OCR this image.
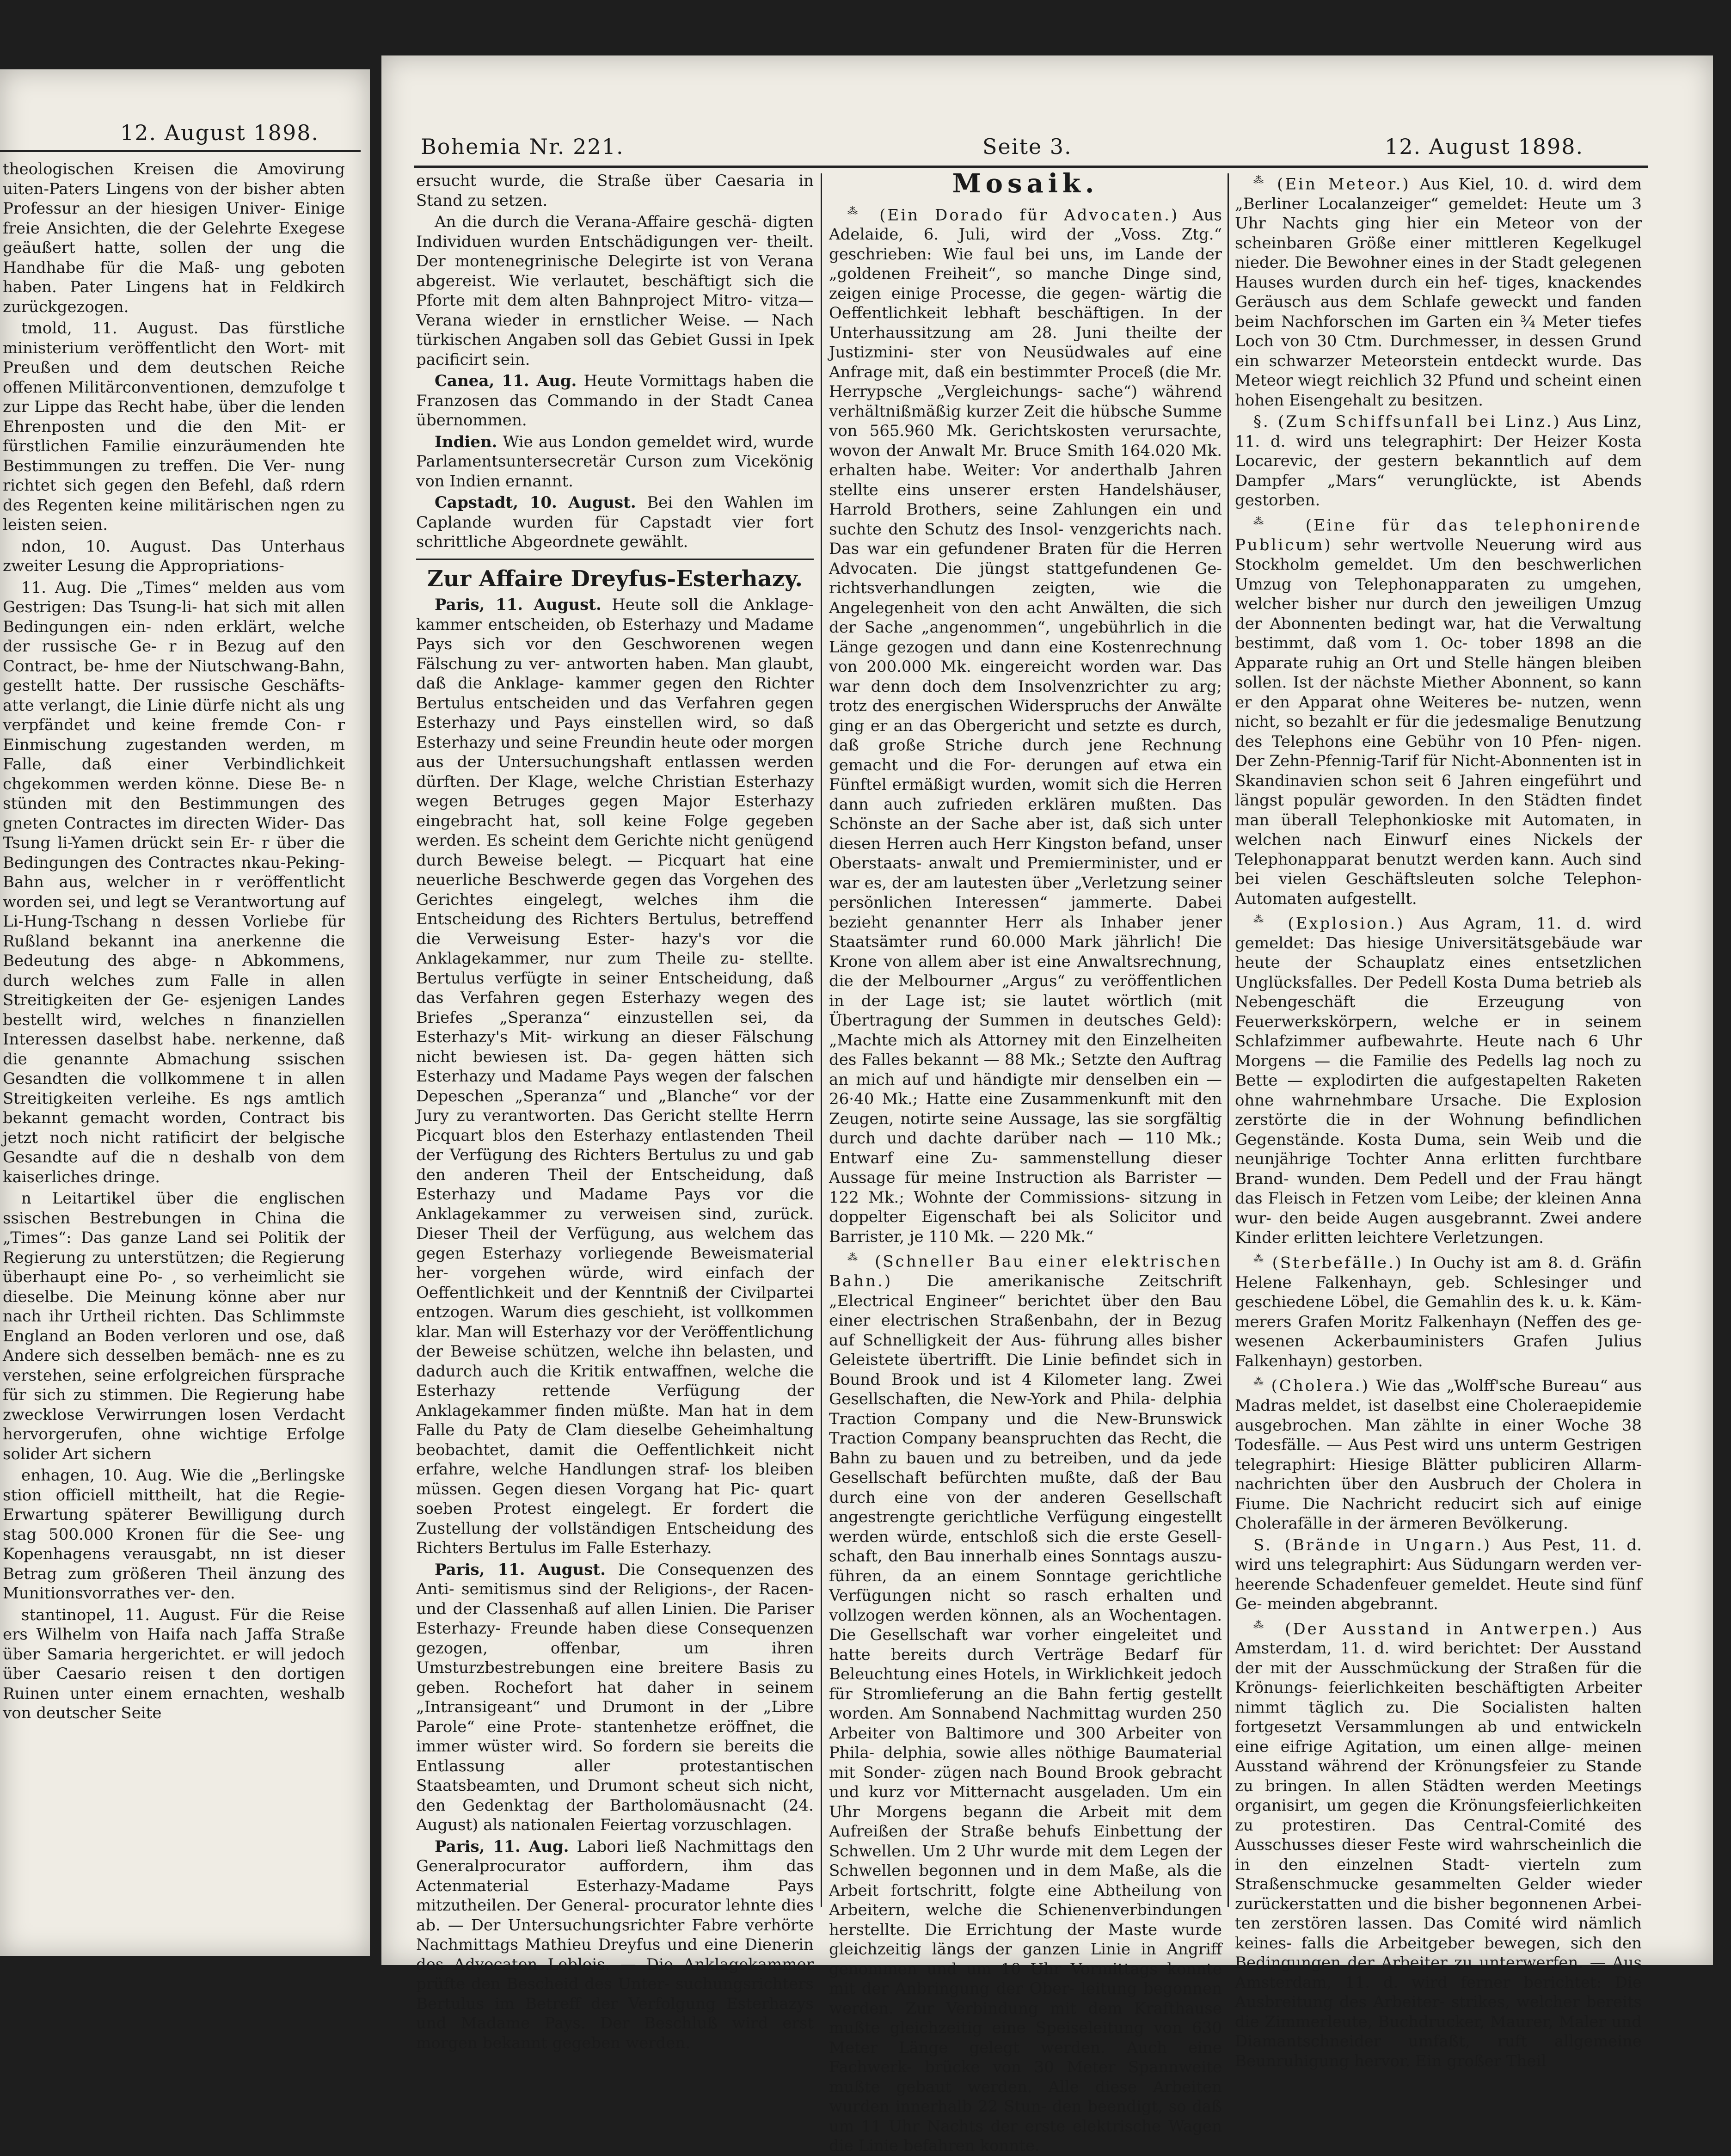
12. August 1898.

theologischen Kreisen die Amovirung uiten-Paters Lingens von der bisher abten Professur an der hiesigen Univer- Einige freie Ansichten, die der Gelehrte Exegese geäußert hatte, sollen der ung die Handhabe für die Maß- ung geboten haben. Pater Lingens hat in Feldkirch zurückgezogen.

tmold, 11. August. Das fürstliche ministerium veröffentlicht den Wort- mit Preußen und dem deutschen Reiche offenen Militärconventionen, demzufolge t zur Lippe das Recht habe, über die lenden Ehrenposten und die den Mit- er fürstlichen Familie einzuräumenden hte Bestimmungen zu treffen. Die Ver- nung richtet sich gegen den Befehl, daß rdern des Regenten keine militärischen ngen zu leisten seien.

ndon, 10. August. Das Unterhaus zweiter Lesung die Appropriations-

11. Aug. Die „Times“ melden aus vom Gestrigen: Das Tsung-li- hat sich mit allen Bedingungen ein- nden erklärt, welche der russische Ge- r in Bezug auf den Contract, be- hme der Niutschwang-Bahn, gestellt hatte. Der russische Geschäfts- atte verlangt, die Linie dürfe nicht als ung verpfändet und keine fremde Con- r Einmischung zugestanden werden, m Falle, daß einer Verbindlichkeit chgekommen werden könne. Diese Be- n stünden mit den Bestimmungen des gneten Contractes im directen Wider- Das Tsung li-Yamen drückt sein Er- r über die Bedingungen des Contractes nkau-Peking-Bahn aus, welcher in r veröffentlicht worden sei, und legt se Verantwortung auf Li-Hung-Tschang n dessen Vorliebe für Rußland bekannt ina anerkenne die Bedeutung des abge- n Abkommens, durch welches zum Falle in allen Streitigkeiten der Ge- esjenigen Landes bestellt wird, welches n finanziellen Interessen daselbst habe. nerkenne, daß die genannte Abmachung ssischen Gesandten die vollkommene t in allen Streitigkeiten verleihe. Es ngs amtlich bekannt gemacht worden, Contract bis jetzt noch nicht ratificirt der belgische Gesandte auf die n deshalb von dem kaiserliches dringe.

n Leitartikel über die englischen ssischen Bestrebungen in China die „Times“: Das ganze Land sei Politik der Regierung zu unterstützen; die Regierung überhaupt eine Po- , so verheimlicht sie dieselbe. Die Meinung könne aber nur nach ihr Urtheil richten. Das Schlimmste England an Boden verloren und ose, daß Andere sich desselben bemäch- nne es zu verstehen, seine erfolgreichen fürsprache für sich zu stimmen. Die Regierung habe zwecklose Verwirrungen losen Verdacht hervorgerufen, ohne wichtige Erfolge solider Art sichern

enhagen, 10. Aug. Wie die „Berlingske stion officiell mittheilt, hat die Regie- Erwartung späterer Bewilligung durch stag 500.000 Kronen für die See- ung Kopenhagens verausgabt, nn ist dieser Betrag zum größeren Theil änzung des Munitionsvorrathes ver- den.

stantinopel, 11. August. Für die Reise ers Wilhelm von Haifa nach Jaffa Straße über Samaria hergerichtet. er will jedoch über Caesario reisen t den dortigen Ruinen unter einem ernachten, weshalb von deutscher Seite

Bohemia Nr. 221.	Seite 3.	12. August 1898.

ersucht wurde, die Straße über Caesaria in Stand zu setzen.

An die durch die Verana-Affaire geschä- digten Individuen wurden Entschädigungen ver- theilt. Der montenegrinische Delegirte ist von Verana abgereist. Wie verlautet, beschäftigt sich die Pforte mit dem alten Bahnproject Mitro- vitza—Verana wieder in ernstlicher Weise. — Nach türkischen Angaben soll das Gebiet Gussi in Ipek pacificirt sein.

Canea, 11. Aug. Heute Vormittags haben die Franzosen das Commando in der Stadt Canea übernommen.

Indien. Wie aus London gemeldet wird, wurde Parlamentsuntersecretär Curson zum Vicekönig von Indien ernannt.

Capstadt, 10. August. Bei den Wahlen im Caplande wurden für Capstadt vier fort schrittliche Abgeordnete gewählt.

Zur Affaire Dreyfus-Esterhazy.

Paris, 11. August. Heute soll die Anklage- kammer entscheiden, ob Esterhazy und Madame Pays sich vor den Geschworenen wegen Fälschung zu ver- antworten haben. Man glaubt, daß die Anklage- kammer gegen den Richter Bertulus entscheiden und das Verfahren gegen Esterhazy und Pays einstellen wird, so daß Esterhazy und seine Freundin heute oder morgen aus der Untersuchungshaft entlassen werden dürften. Der Klage, welche Christian Esterhazy wegen Betruges gegen Major Esterhazy eingebracht hat, soll keine Folge gegeben werden. Es scheint dem Gerichte nicht genügend durch Beweise belegt. — Picquart hat eine neuerliche Beschwerde gegen das Vorgehen des Gerichtes eingelegt, welches ihm die Entscheidung des Richters Bertulus, betreffend die Verweisung Ester- hazy's vor die Anklagekammer, nur zum Theile zu- stellte. Bertulus verfügte in seiner Entscheidung, daß das Verfahren gegen Esterhazy wegen des Briefes „Speranza“ einzustellen sei, da Esterhazy's Mit- wirkung an dieser Fälschung nicht bewiesen ist. Da- gegen hätten sich Esterhazy und Madame Pays wegen der falschen Depeschen „Speranza“ und „Blanche“ vor der Jury zu verantworten. Das Gericht stellte Herrn Picquart blos den Esterhazy entlastenden Theil der Verfügung des Richters Bertulus zu und gab den anderen Theil der Entscheidung, daß Esterhazy und Madame Pays vor die Anklagekammer zu verweisen sind, zurück. Dieser Theil der Verfügung, aus welchem das gegen Esterhazy vorliegende Beweismaterial her- vorgehen würde, wird einfach der Oeffentlichkeit und der Kenntniß der Civilpartei entzogen. Warum dies geschieht, ist vollkommen klar. Man will Esterhazy vor der Veröffentlichung der Beweise schützen, welche ihn belasten, und dadurch auch die Kritik entwaffnen, welche die Esterhazy rettende Verfügung der Anklagekammer finden müßte. Man hat in dem Falle du Paty de Clam dieselbe Geheimhaltung beobachtet, damit die Oeffentlichkeit nicht erfahre, welche Handlungen straf- los bleiben müssen. Gegen diesen Vorgang hat Pic- quart soeben Protest eingelegt. Er fordert die Zustellung der vollständigen Entscheidung des Richters Bertulus im Falle Esterhazy.

Paris, 11. August. Die Consequenzen des Anti- semitismus sind der Religions-, der Racen- und der Classenhaß auf allen Linien. Die Pariser Esterhazy- Freunde haben diese Consequenzen gezogen, offenbar, um ihren Umsturzbestrebungen eine breitere Basis zu geben. Rochefort hat daher in seinem „Intransigeant“ und Drumont in der „Libre Parole“ eine Prote- stantenhetze eröffnet, die immer wüster wird. So fordern sie bereits die Entlassung aller protestantischen Staatsbeamten, und Drumont scheut sich nicht, den Gedenktag der Bartholomäusnacht (24. August) als nationalen Feiertag vorzuschlagen.

Paris, 11. Aug. Labori ließ Nachmittags den Generalprocurator auffordern, ihm das Actenmaterial Esterhazy-Madame Pays mitzutheilen. Der General- procurator lehnte dies ab. — Der Untersuchungsrichter Fabre verhörte Nachmittags Mathieu Dreyfus und eine Dienerin des Advocaten Leblois. — Die Anklagekammer prüfte den Bescheid des Unter- suchungsrichters Bertulus im Betreff der Verfolgung Esterhazys und Madame Pays. Der Beschluß wird erst morgen bekannt gegeben werden.

Mosaik.

⁂ (Ein Dorado für Advocaten.) Aus Adelaide, 6. Juli, wird der „Voss. Ztg.“ geschrieben: Wie faul bei uns, im Lande der „goldenen Freiheit“, so manche Dinge sind, zeigen einige Processe, die gegen- wärtig die Oeffentlichkeit lebhaft beschäftigen. In der Unterhaussitzung am 28. Juni theilte der Justizmini- ster von Neusüdwales auf eine Anfrage mit, daß ein bestimmter Proceß (die Mr. Herrypsche „Vergleichungs- sache“) während verhältnißmäßig kurzer Zeit die hübsche Summe von 565.960 Mk. Gerichtskosten verursachte, wovon der Anwalt Mr. Bruce Smith 164.020 Mk. erhalten habe. Weiter: Vor anderthalb Jahren stellte eins unserer ersten Handelshäuser, Harrold Brothers, seine Zahlungen ein und suchte den Schutz des Insol- venzgerichts nach. Das war ein gefundener Braten für die Herren Advocaten. Die jüngst stattgefundenen Ge- richtsverhandlungen zeigten, wie die Angelegenheit von den acht Anwälten, die sich der Sache „angenommen“, ungebührlich in die Länge gezogen und dann eine Kostenrechnung von 200.000 Mk. eingereicht worden war. Das war denn doch dem Insolvenzrichter zu arg; trotz des energischen Widerspruchs der Anwälte ging er an das Obergericht und setzte es durch, daß große Striche durch jene Rechnung gemacht und die For- derungen auf etwa ein Fünftel ermäßigt wurden, womit sich die Herren dann auch zufrieden erklären mußten. Das Schönste an der Sache aber ist, daß sich unter diesen Herren auch Herr Kingston befand, unser Oberstaats- anwalt und Premierminister, und er war es, der am lautesten über „Verletzung seiner persönlichen Interessen“ jammerte. Dabei bezieht genannter Herr als Inhaber jener Staatsämter rund 60.000 Mark jährlich! Die Krone von allem aber ist eine Anwaltsrechnung, die der Melbourner „Argus“ zu veröffentlichen in der Lage ist; sie lautet wörtlich (mit Übertragung der Summen in deutsches Geld): „Machte mich als Attorney mit den Einzelheiten des Falles bekannt — 88 Mk.; Setzte den Auftrag an mich auf und händigte mir denselben ein — 26·40 Mk.; Hatte eine Zusammenkunft mit den Zeugen, notirte seine Aussage, las sie sorgfältig durch und dachte darüber nach — 110 Mk.; Entwarf eine Zu- sammenstellung dieser Aussage für meine Instruction als Barrister — 122 Mk.; Wohnte der Commissions- sitzung in doppelter Eigenschaft bei als Solicitor und Barrister, je 110 Mk. — 220 Mk.“

⁂ (Schneller Bau einer elektrischen Bahn.) Die amerikanische Zeitschrift „Electrical Engineer“ berichtet über den Bau einer electrischen Straßenbahn, der in Bezug auf Schnelligkeit der Aus- führung alles bisher Geleistete übertrifft. Die Linie befindet sich in Bound Brook und ist 4 Kilometer lang. Zwei Gesellschaften, die New-York and Phila- delphia Traction Company und die New-Brunswick Traction Company beanspruchten das Recht, die Bahn zu bauen und zu betreiben, und da jede Gesellschaft befürchten mußte, daß der Bau durch eine von der anderen Gesellschaft angestrengte gerichtliche Verfügung eingestellt werden würde, entschloß sich die erste Gesell- schaft, den Bau innerhalb eines Sonntags auszu- führen, da an einem Sonntage gerichtliche Verfügungen nicht so rasch erhalten und vollzogen werden können, als an Wochentagen. Die Gesellschaft war vorher eingeleitet und hatte bereits durch Verträge Bedarf für Beleuchtung eines Hotels, in Wirklichkeit jedoch für Stromlieferung an die Bahn fertig gestellt worden. Am Sonnabend Nachmittag wurden 250 Arbeiter von Baltimore und 300 Arbeiter von Phila- delphia, sowie alles nöthige Baumaterial mit Sonder- zügen nach Bound Brook gebracht und kurz vor Mitternacht ausgeladen. Um ein Uhr Morgens begann die Arbeit mit dem Aufreißen der Straße behufs Einbettung der Schwellen. Um 2 Uhr wurde mit dem Legen der Schwellen begonnen und in dem Maße, als die Arbeit fortschritt, folgte eine Abtheilung von Arbeitern, welche die Schienenverbindungen herstellte. Die Errichtung der Maste wurde gleichzeitig längs der ganzen Linie in Angriff genommen und um 10 Uhr Vormittags konnte mit der Anbringung der Ober- leitung begonnen werden. Zur Verbindung mit dem Krafthause mußte gleichzeitig eine Speiseleitung von 630 Meter Länge gelegt werden. Auch eine Fachwerk- brücke von 30 Meter Spannweite mußte gebaut werden. Alle diese Arbeiten wurden innerhalb 22 Stun- den beendigt, so daß um 11 Uhr Nachts der erste elektrische Wagen die Linie befahren konnte.

⁂ (Ein Meteor.) Aus Kiel, 10. d. wird dem „Berliner Localanzeiger“ gemeldet: Heute um 3 Uhr Nachts ging hier ein Meteor von der scheinbaren Größe einer mittleren Kegelkugel nieder. Die Bewohner eines in der Stadt gelegenen Hauses wurden durch ein hef- tiges, knackendes Geräusch aus dem Schlafe geweckt und fanden beim Nachforschen im Garten ein ¾ Meter tiefes Loch von 30 Ctm. Durchmesser, in dessen Grund ein schwarzer Meteorstein entdeckt wurde. Das Meteor wiegt reichlich 32 Pfund und scheint einen hohen Eisengehalt zu besitzen.

§. (Zum Schiffsunfall bei Linz.) Aus Linz, 11. d. wird uns telegraphirt: Der Heizer Kosta Locarevic, der gestern bekanntlich auf dem Dampfer „Mars“ verunglückte, ist Abends gestorben.

⁂ (Eine für das telephonirende Publicum) sehr wertvolle Neuerung wird aus Stockholm gemeldet. Um den beschwerlichen Umzug von Telephonapparaten zu umgehen, welcher bisher nur durch den jeweiligen Umzug der Abonnenten bedingt war, hat die Verwaltung bestimmt, daß vom 1. Oc- tober 1898 an die Apparate ruhig an Ort und Stelle hängen bleiben sollen. Ist der nächste Miether Abonnent, so kann er den Apparat ohne Weiteres be- nutzen, wenn nicht, so bezahlt er für die jedesmalige Benutzung des Telephons eine Gebühr von 10 Pfen- nigen. Der Zehn-Pfennig-Tarif für Nicht-Abonnenten ist in Skandinavien schon seit 6 Jahren eingeführt und längst populär geworden. In den Städten findet man überall Telephonkioske mit Automaten, in welchen nach Einwurf eines Nickels der Telephonapparat benutzt werden kann. Auch sind bei vielen Geschäftsleuten solche Telephon-Automaten aufgestellt.

⁂ (Explosion.) Aus Agram, 11. d. wird gemeldet: Das hiesige Universitätsgebäude war heute der Schauplatz eines entsetzlichen Unglücksfalles. Der Pedell Kosta Duma betrieb als Nebengeschäft die Erzeugung von Feuerwerkskörpern, welche er in seinem Schlafzimmer aufbewahrte. Heute nach 6 Uhr Morgens — die Familie des Pedells lag noch zu Bette — explodirten die aufgestapelten Raketen ohne wahrnehmbare Ursache. Die Explosion zerstörte die in der Wohnung befindlichen Gegenstände. Kosta Duma, sein Weib und die neunjährige Tochter Anna erlitten furchtbare Brand- wunden. Dem Pedell und der Frau hängt das Fleisch in Fetzen vom Leibe; der kleinen Anna wur- den beide Augen ausgebrannt. Zwei andere Kinder erlitten leichtere Verletzungen.

⁂ (Sterbefälle.) In Ouchy ist am 8. d. Gräfin Helene Falkenhayn, geb. Schlesinger und geschiedene Löbel, die Gemahlin des k. u. k. Käm- merers Grafen Moritz Falkenhayn (Neffen des ge- wesenen Ackerbauministers Grafen Julius Falkenhayn) gestorben.

⁂ (Cholera.) Wie das „Wolff'sche Bureau“ aus Madras meldet, ist daselbst eine Choleraepidemie ausgebrochen. Man zählte in einer Woche 38 Todesfälle. — Aus Pest wird uns unterm Gestrigen telegraphirt: Hiesige Blätter publiciren Allarm- nachrichten über den Ausbruch der Cholera in Fiume. Die Nachricht reducirt sich auf einige Cholerafälle in der ärmeren Bevölkerung.

S. (Brände in Ungarn.) Aus Pest, 11. d. wird uns telegraphirt: Aus Südungarn werden ver- heerende Schadenfeuer gemeldet. Heute sind fünf Ge- meinden abgebrannt.

⁂ (Der Ausstand in Antwerpen.) Aus Amsterdam, 11. d. wird berichtet: Der Ausstand der mit der Ausschmückung der Straßen für die Krönungs- feierlichkeiten beschäftigten Arbeiter nimmt täglich zu. Die Socialisten halten fortgesetzt Versammlungen ab und entwickeln eine eifrige Agitation, um einen allge- meinen Ausstand während der Krönungsfeier zu Stande zu bringen. In allen Städten werden Meetings organisirt, um gegen die Krönungsfeierlichkeiten zu protestiren. Das Central-Comité des Ausschusses dieser Feste wird wahrscheinlich die in den einzelnen Stadt- vierteln zum Straßenschmucke gesammelten Gelder wieder zurückerstatten und die bisher begonnenen Arbei- ten zerstören lassen. Das Comité wird nämlich keines- falls die Arbeitgeber bewegen, sich den Bedingungen der Arbeiter zu unterwerfen. — Aus Amsterdam, 11. d. wird ferner berichtet: Die Ausbreitung des Arbeiter- strikes, welcher bereits die Zimmerleute, Buchdrucker, Maurer, Maler und Diamantschneider umfaßt, ruft allgemeine Beunruhigung hervor. Ein großer Theil
